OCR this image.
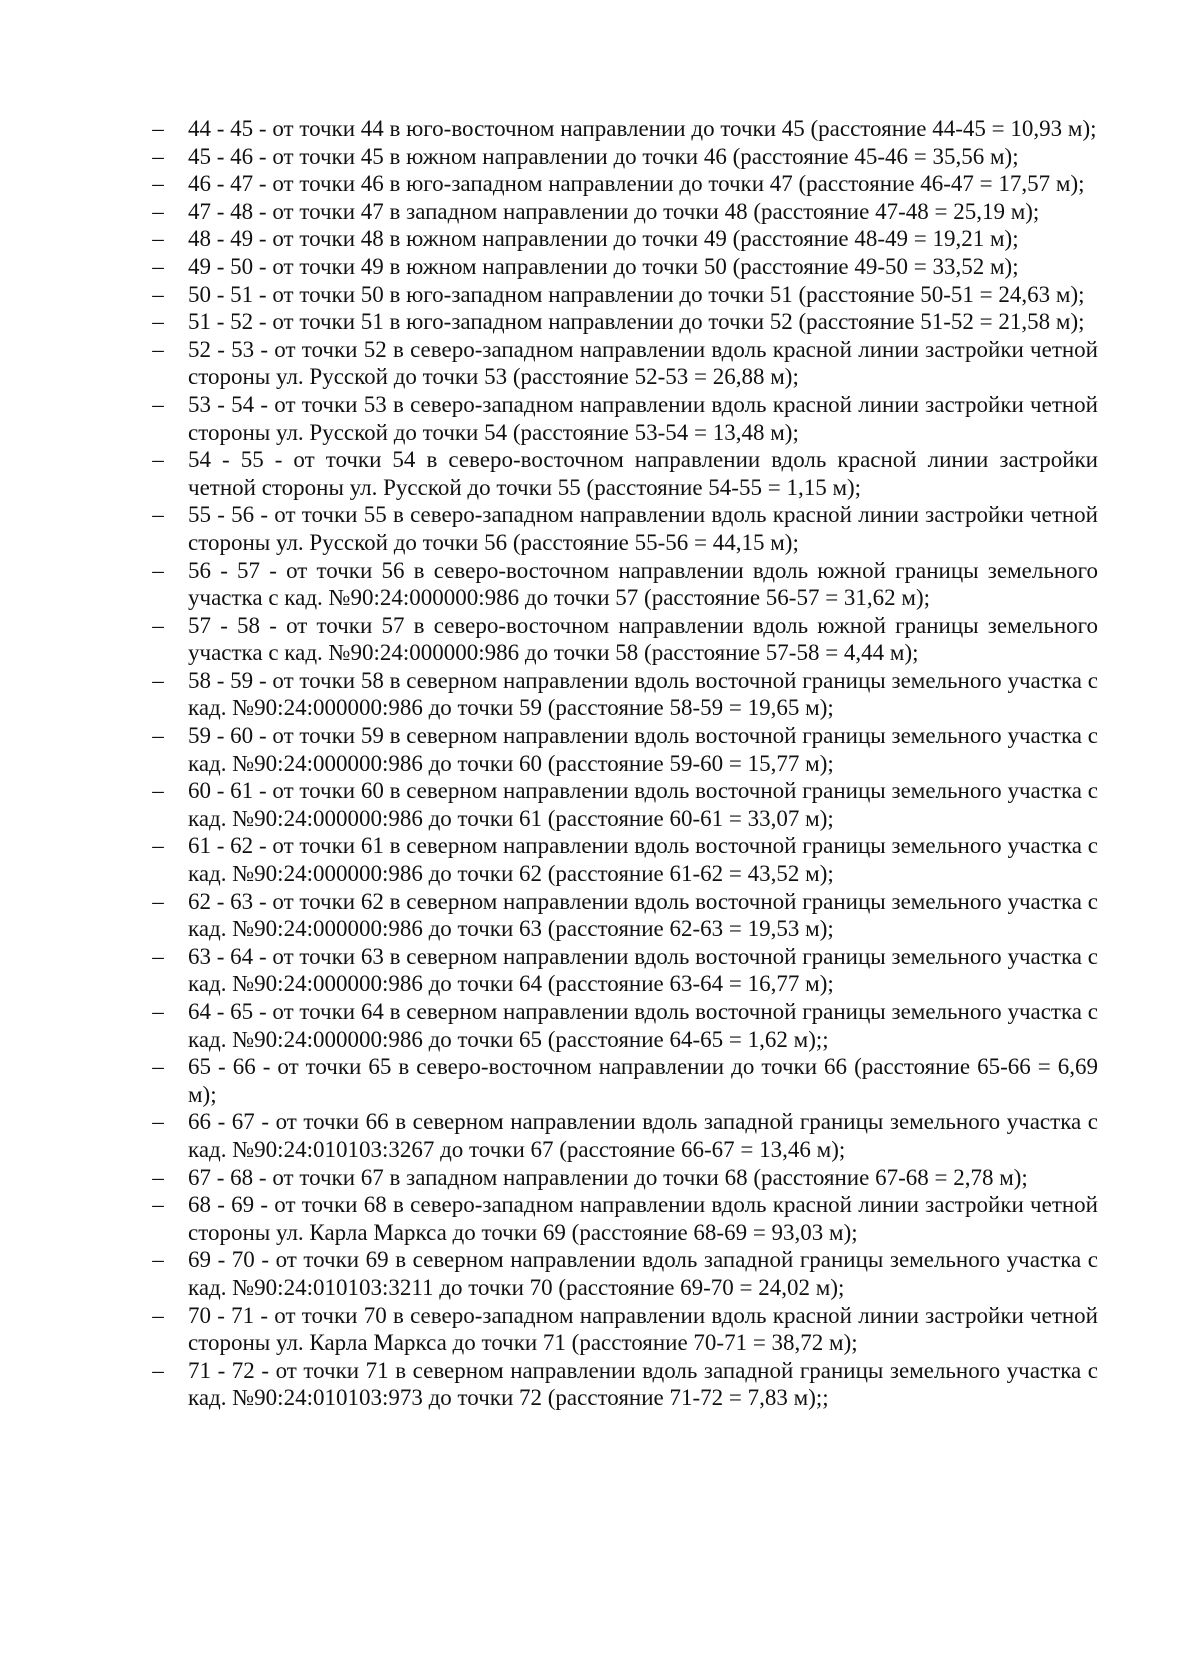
– 44 - 45 - от точки 44 в юго-восточном направлении до точки 45 (расстояние 44-45 = 10,93 м);
– 45 - 46 - от точки 45 в южном направлении до точки 46 (расстояние 45-46 = 35,56 м);
– 46 - 47 - от точки 46 в юго-западном направлении до точки 47 (расстояние 46-47 = 17,57 м);
– 47 - 48 - от точки 47 в западном направлении до точки 48 (расстояние 47-48 = 25,19 м);
– 48 - 49 - от точки 48 в южном направлении до точки 49 (расстояние 48-49 = 19,21 м);
– 49 - 50 - от точки 49 в южном направлении до точки 50 (расстояние 49-50 = 33,52 м);
– 50 - 51 - от точки 50 в юго-западном направлении до точки 51 (расстояние 50-51 = 24,63 м);
– 51 - 52 - от точки 51 в юго-западном направлении до точки 52 (расстояние 51-52 = 21,58 м);
– 52 - 53 - от точки 52 в северо-западном направлении вдоль красной линии застройки четной стороны ул. Русской до точки 53 (расстояние 52-53 = 26,88 м);
– 53 - 54 - от точки 53 в северо-западном направлении вдоль красной линии застройки четной стороны ул. Русской до точки 54 (расстояние 53-54 = 13,48 м);
– 54 - 55 - от точки 54 в северо-восточном направлении вдоль красной линии застройки четной стороны ул. Русской до точки 55 (расстояние 54-55 = 1,15 м);
– 55 - 56 - от точки 55 в северо-западном направлении вдоль красной линии застройки четной стороны ул. Русской до точки 56 (расстояние 55-56 = 44,15 м);
– 56 - 57 - от точки 56 в северо-восточном направлении вдоль южной границы земельного участка с кад. №90:24:000000:986 до точки 57 (расстояние 56-57 = 31,62 м);
– 57 - 58 - от точки 57 в северо-восточном направлении вдоль южной границы земельного участка с кад. №90:24:000000:986 до точки 58 (расстояние 57-58 = 4,44 м);
– 58 - 59 - от точки 58 в северном направлении вдоль восточной границы земельного участка с кад. №90:24:000000:986 до точки 59 (расстояние 58-59 = 19,65 м);
– 59 - 60 - от точки 59 в северном направлении вдоль восточной границы земельного участка с кад. №90:24:000000:986 до точки 60 (расстояние 59-60 = 15,77 м);
– 60 - 61 - от точки 60 в северном направлении вдоль восточной границы земельного участка с кад. №90:24:000000:986 до точки 61 (расстояние 60-61 = 33,07 м);
– 61 - 62 - от точки 61 в северном направлении вдоль восточной границы земельного участка с кад. №90:24:000000:986 до точки 62 (расстояние 61-62 = 43,52 м);
– 62 - 63 - от точки 62 в северном направлении вдоль восточной границы земельного участка с кад. №90:24:000000:986 до точки 63 (расстояние 62-63 = 19,53 м);
– 63 - 64 - от точки 63 в северном направлении вдоль восточной границы земельного участка с кад. №90:24:000000:986 до точки 64 (расстояние 63-64 = 16,77 м);
– 64 - 65 - от точки 64 в северном направлении вдоль восточной границы земельного участка с кад. №90:24:000000:986 до точки 65 (расстояние 64-65 = 1,62 м);;
– 65 - 66 - от точки 65 в северо-восточном направлении до точки 66 (расстояние 65-66 = 6,69 м);
– 66 - 67 - от точки 66 в северном направлении вдоль западной границы земельного участка с кад. №90:24:010103:3267 до точки 67 (расстояние 66-67 = 13,46 м);
– 67 - 68 - от точки 67 в западном направлении до точки 68 (расстояние 67-68 = 2,78 м);
– 68 - 69 - от точки 68 в северо-западном направлении вдоль красной линии застройки четной стороны ул. Карла Маркса до точки 69 (расстояние 68-69 = 93,03 м);
– 69 - 70 - от точки 69 в северном направлении вдоль западной границы земельного участка с кад. №90:24:010103:3211 до точки 70 (расстояние 69-70 = 24,02 м);
– 70 - 71 - от точки 70 в северо-западном направлении вдоль красной линии застройки четной стороны ул. Карла Маркса до точки 71 (расстояние 70-71 = 38,72 м);
– 71 - 72 - от точки 71 в северном направлении вдоль западной границы земельного участка с кад. №90:24:010103:973 до точки 72 (расстояние 71-72 = 7,83 м);;
